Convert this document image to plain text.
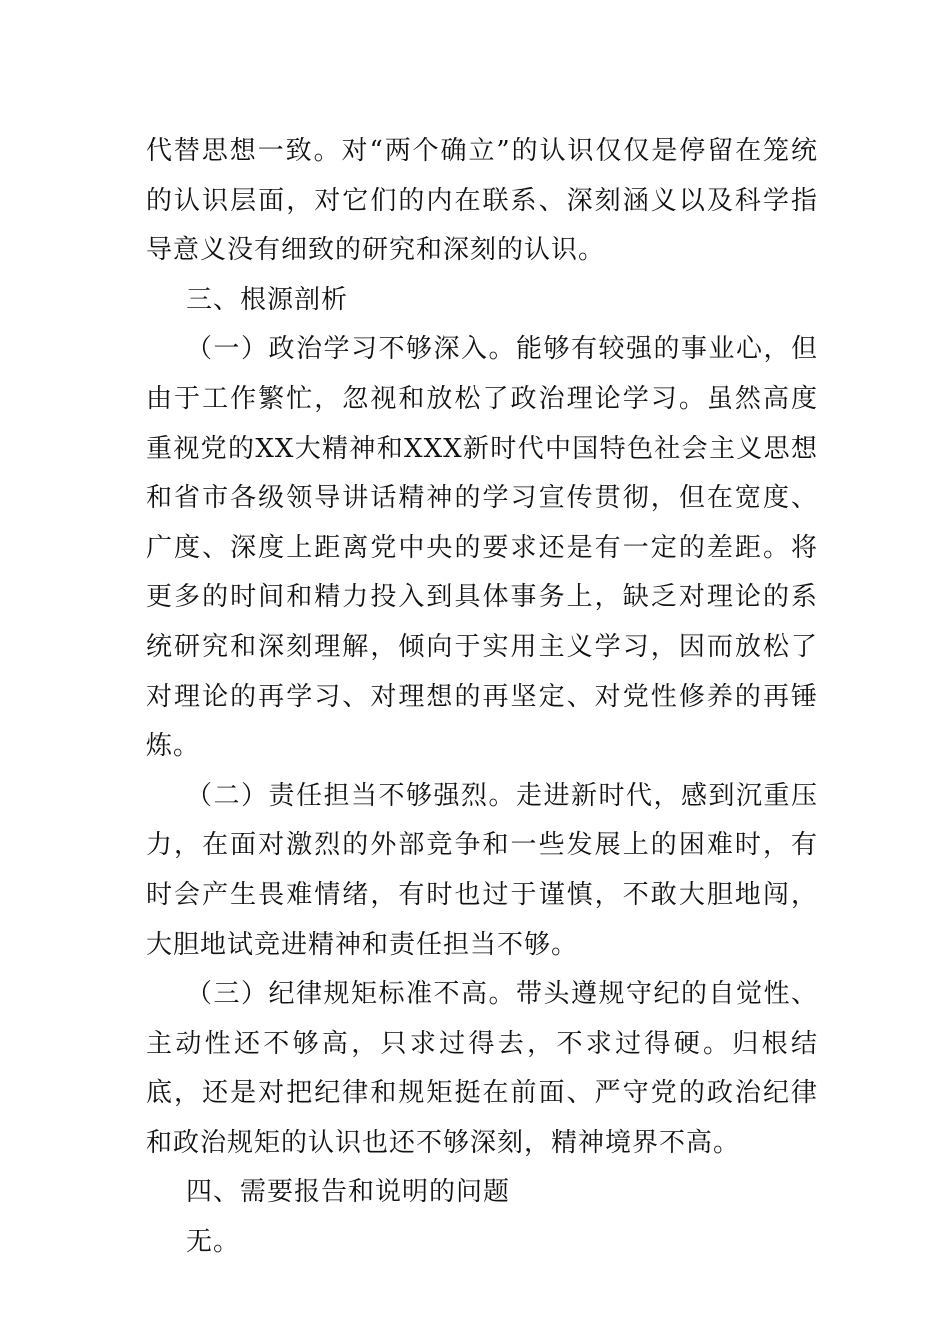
代替思想一致。对“两个确立”的认识仅仅是停留在笼统的认识层面，对它们的内在联系、深刻涵义以及科学指导意义没有细致的研究和深刻的认识。

三、根源剖析

（一）政治学习不够深入。能够有较强的事业心，但由于工作繁忙，忽视和放松了政治理论学习。虽然高度重视党的XX大精神和XXX新时代中国特色社会主义思想和省市各级领导讲话精神的学习宣传贯彻，但在宽度、广度、深度上距离党中央的要求还是有一定的差距。将更多的时间和精力投入到具体事务上，缺乏对理论的系统研究和深刻理解，倾向于实用主义学习，因而放松了对理论的再学习、对理想的再坚定、对党性修养的再锤炼。

（二）责任担当不够强烈。走进新时代，感到沉重压力，在面对激烈的外部竞争和一些发展上的困难时，有时会产生畏难情绪，有时也过于谨慎，不敢大胆地闯，大胆地试竞进精神和责任担当不够。

（三）纪律规矩标准不高。带头遵规守纪的自觉性、主动性还不够高，只求过得去，不求过得硬。归根结底，还是对把纪律和规矩挺在前面、严守党的政治纪律和政治规矩的认识也还不够深刻，精神境界不高。

四、需要报告和说明的问题

无。
